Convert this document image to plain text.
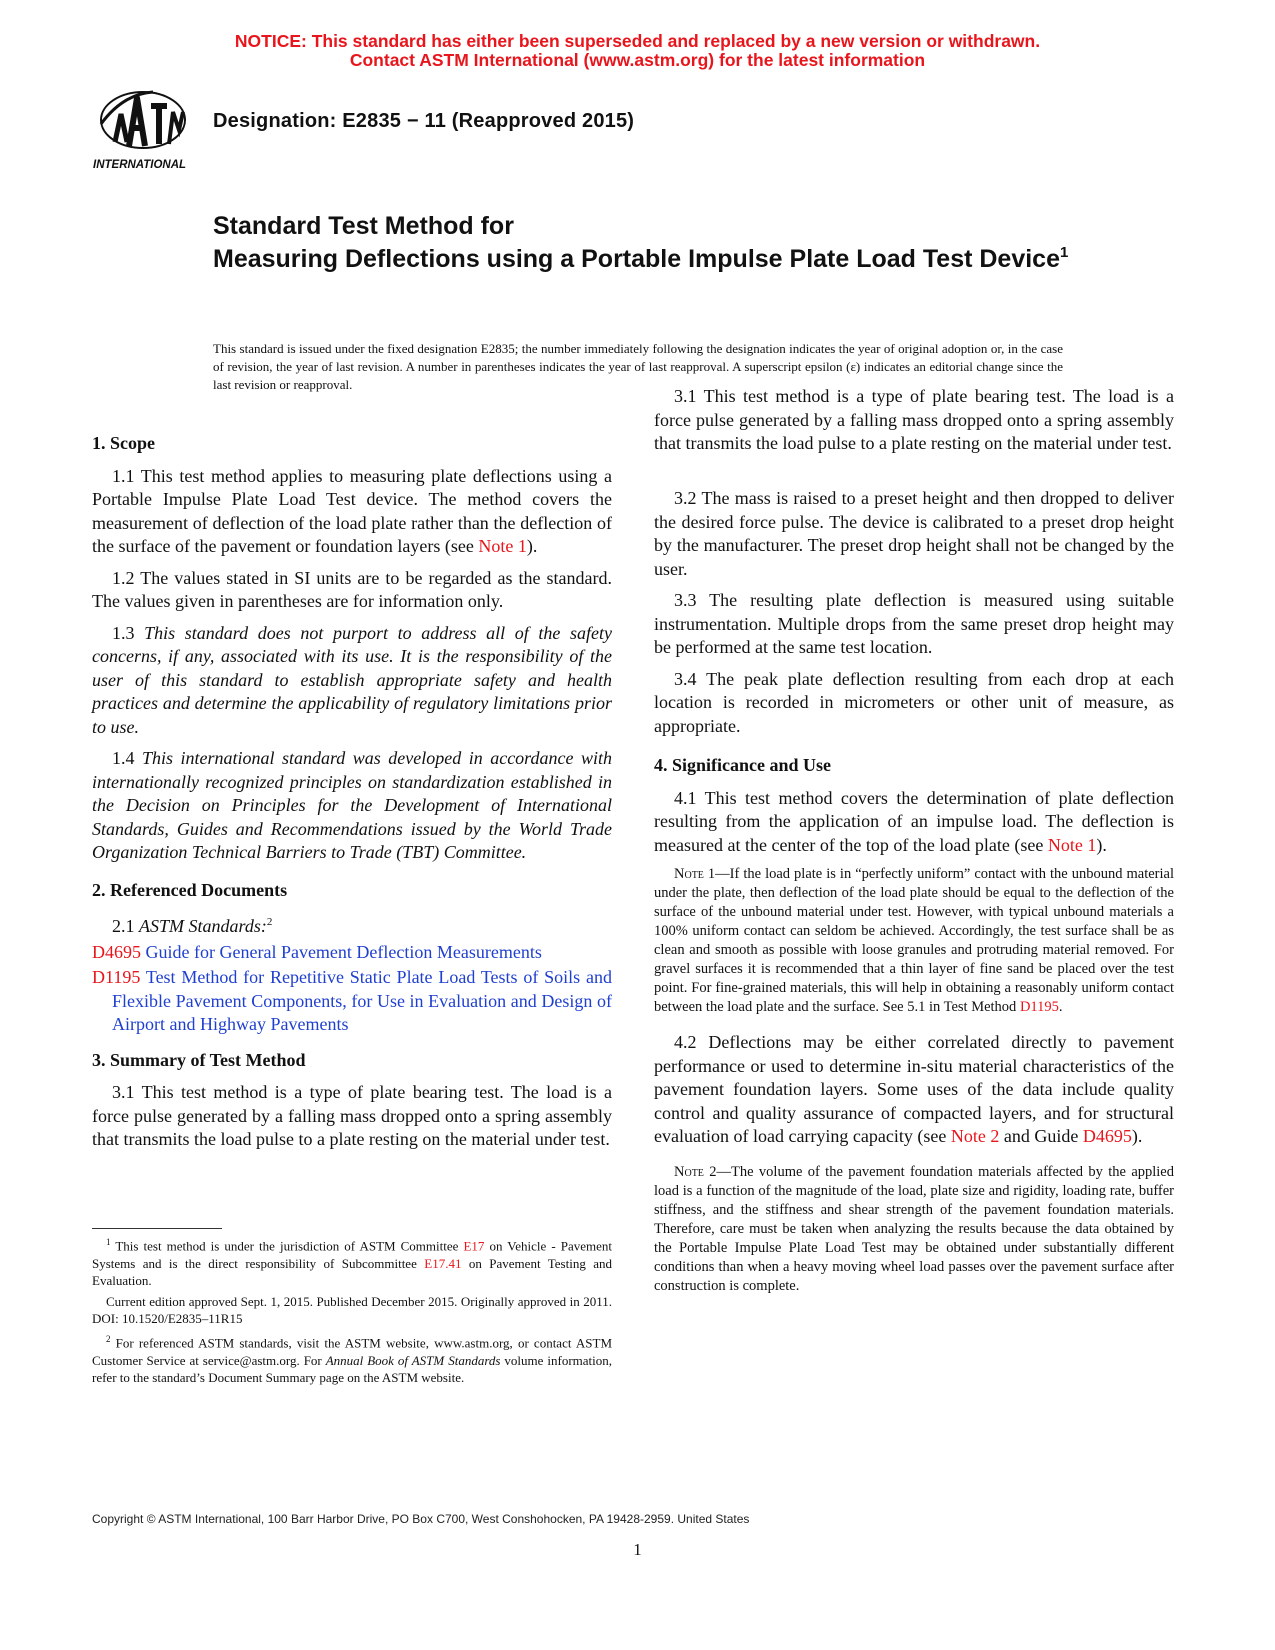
NOTICE: This standard has either been superseded and replaced by a new version or withdrawn.
Contact ASTM International (www.astm.org) for the latest information
INTERNATIONAL
Designation: E2835 − 11 (Reapproved 2015)
Standard Test Method for
Measuring Deflections using a Portable Impulse Plate Load Test Device$^1$
This standard is issued under the fixed designation E2835; the number immediately following the designation indicates the year of original adoption or, in the case of revision, the year of last revision. A number in parentheses indicates the year of last reapproval. A superscript epsilon (ε) indicates an editorial change since the last revision or reapproval.
1. Scope

1.1 This test method applies to measuring plate deflections using a Portable Impulse Plate Load Test device. The method covers the measurement of deflection of the load plate rather than the deflection of the surface of the pavement or foundation layers (see Note 1).

1.2 The values stated in SI units are to be regarded as the standard. The values given in parentheses are for information only.

1.3 This standard does not purport to address all of the safety concerns, if any, associated with its use. It is the responsibility of the user of this standard to establish appropriate safety and health practices and determine the applicability of regulatory limitations prior to use.

1.4 This international standard was developed in accordance with internationally recognized principles on standardization established in the Decision on Principles for the Development of International Standards, Guides and Recommendations issued by the World Trade Organization Technical Barriers to Trade (TBT) Committee.

2. Referenced Documents

2.1 ASTM Standards:$^2$

D4695 Guide for General Pavement Deflection Measurements
D1195 Test Method for Repetitive Static Plate Load Tests of Soils and Flexible Pavement Components, for Use in Evaluation and Design of Airport and Highway Pavements
3. Summary of Test Method

3.1 This test method is a type of plate bearing test. The load is a force pulse generated by a falling mass dropped onto a spring assembly that transmits the load pulse to a plate resting on the material under test.

$^1$ This test method is under the jurisdiction of ASTM Committee E17 on Vehicle - Pavement Systems and is the direct responsibility of Subcommittee E17.41 on Pavement Testing and Evaluation.

Current edition approved Sept. 1, 2015. Published December 2015. Originally approved in 2011. DOI: 10.1520/E2835–11R15

$^2$ For referenced ASTM standards, visit the ASTM website, www.astm.org, or contact ASTM Customer Service at service@astm.org. For Annual Book of ASTM Standards volume information, refer to the standard’s Document Summary page on the ASTM website.

3.1 This test method is a type of plate bearing test. The load is a force pulse generated by a falling mass dropped onto a spring assembly that transmits the load pulse to a plate resting on the material under test.

3.2 The mass is raised to a preset height and then dropped to deliver the desired force pulse. The device is calibrated to a preset drop height by the manufacturer. The preset drop height shall not be changed by the user.

3.3 The resulting plate deflection is measured using suitable instrumentation. Multiple drops from the same preset drop height may be performed at the same test location.

3.4 The peak plate deflection resulting from each drop at each location is recorded in micrometers or other unit of measure, as appropriate.

4. Significance and Use

4.1 This test method covers the determination of plate deflection resulting from the application of an impulse load. The deflection is measured at the center of the top of the load plate (see Note 1).

Note 1—If the load plate is in “perfectly uniform” contact with the unbound material under the plate, then deflection of the load plate should be equal to the deflection of the surface of the unbound material under test. However, with typical unbound materials a 100% uniform contact can seldom be achieved. Accordingly, the test surface shall be as clean and smooth as possible with loose granules and protruding material removed. For gravel surfaces it is recommended that a thin layer of fine sand be placed over the test point. For fine-grained materials, this will help in obtaining a reasonably uniform contact between the load plate and the surface. See 5.1 in Test Method D1195.

4.2 Deflections may be either correlated directly to pavement performance or used to determine in-situ material characteristics of the pavement foundation layers. Some uses of the data include quality control and quality assurance of compacted layers, and for structural evaluation of load carrying capacity (see Note 2 and Guide D4695).

Note 2—The volume of the pavement foundation materials affected by the applied load is a function of the magnitude of the load, plate size and rigidity, loading rate, buffer stiffness, and the stiffness and shear strength of the pavement foundation materials. Therefore, care must be taken when analyzing the results because the data obtained by the Portable Impulse Plate Load Test may be obtained under substantially different conditions than when a heavy moving wheel load passes over the pavement surface after construction is complete.

Copyright © ASTM International, 100 Barr Harbor Drive, PO Box C700, West Conshohocken, PA 19428-2959. United States
1
